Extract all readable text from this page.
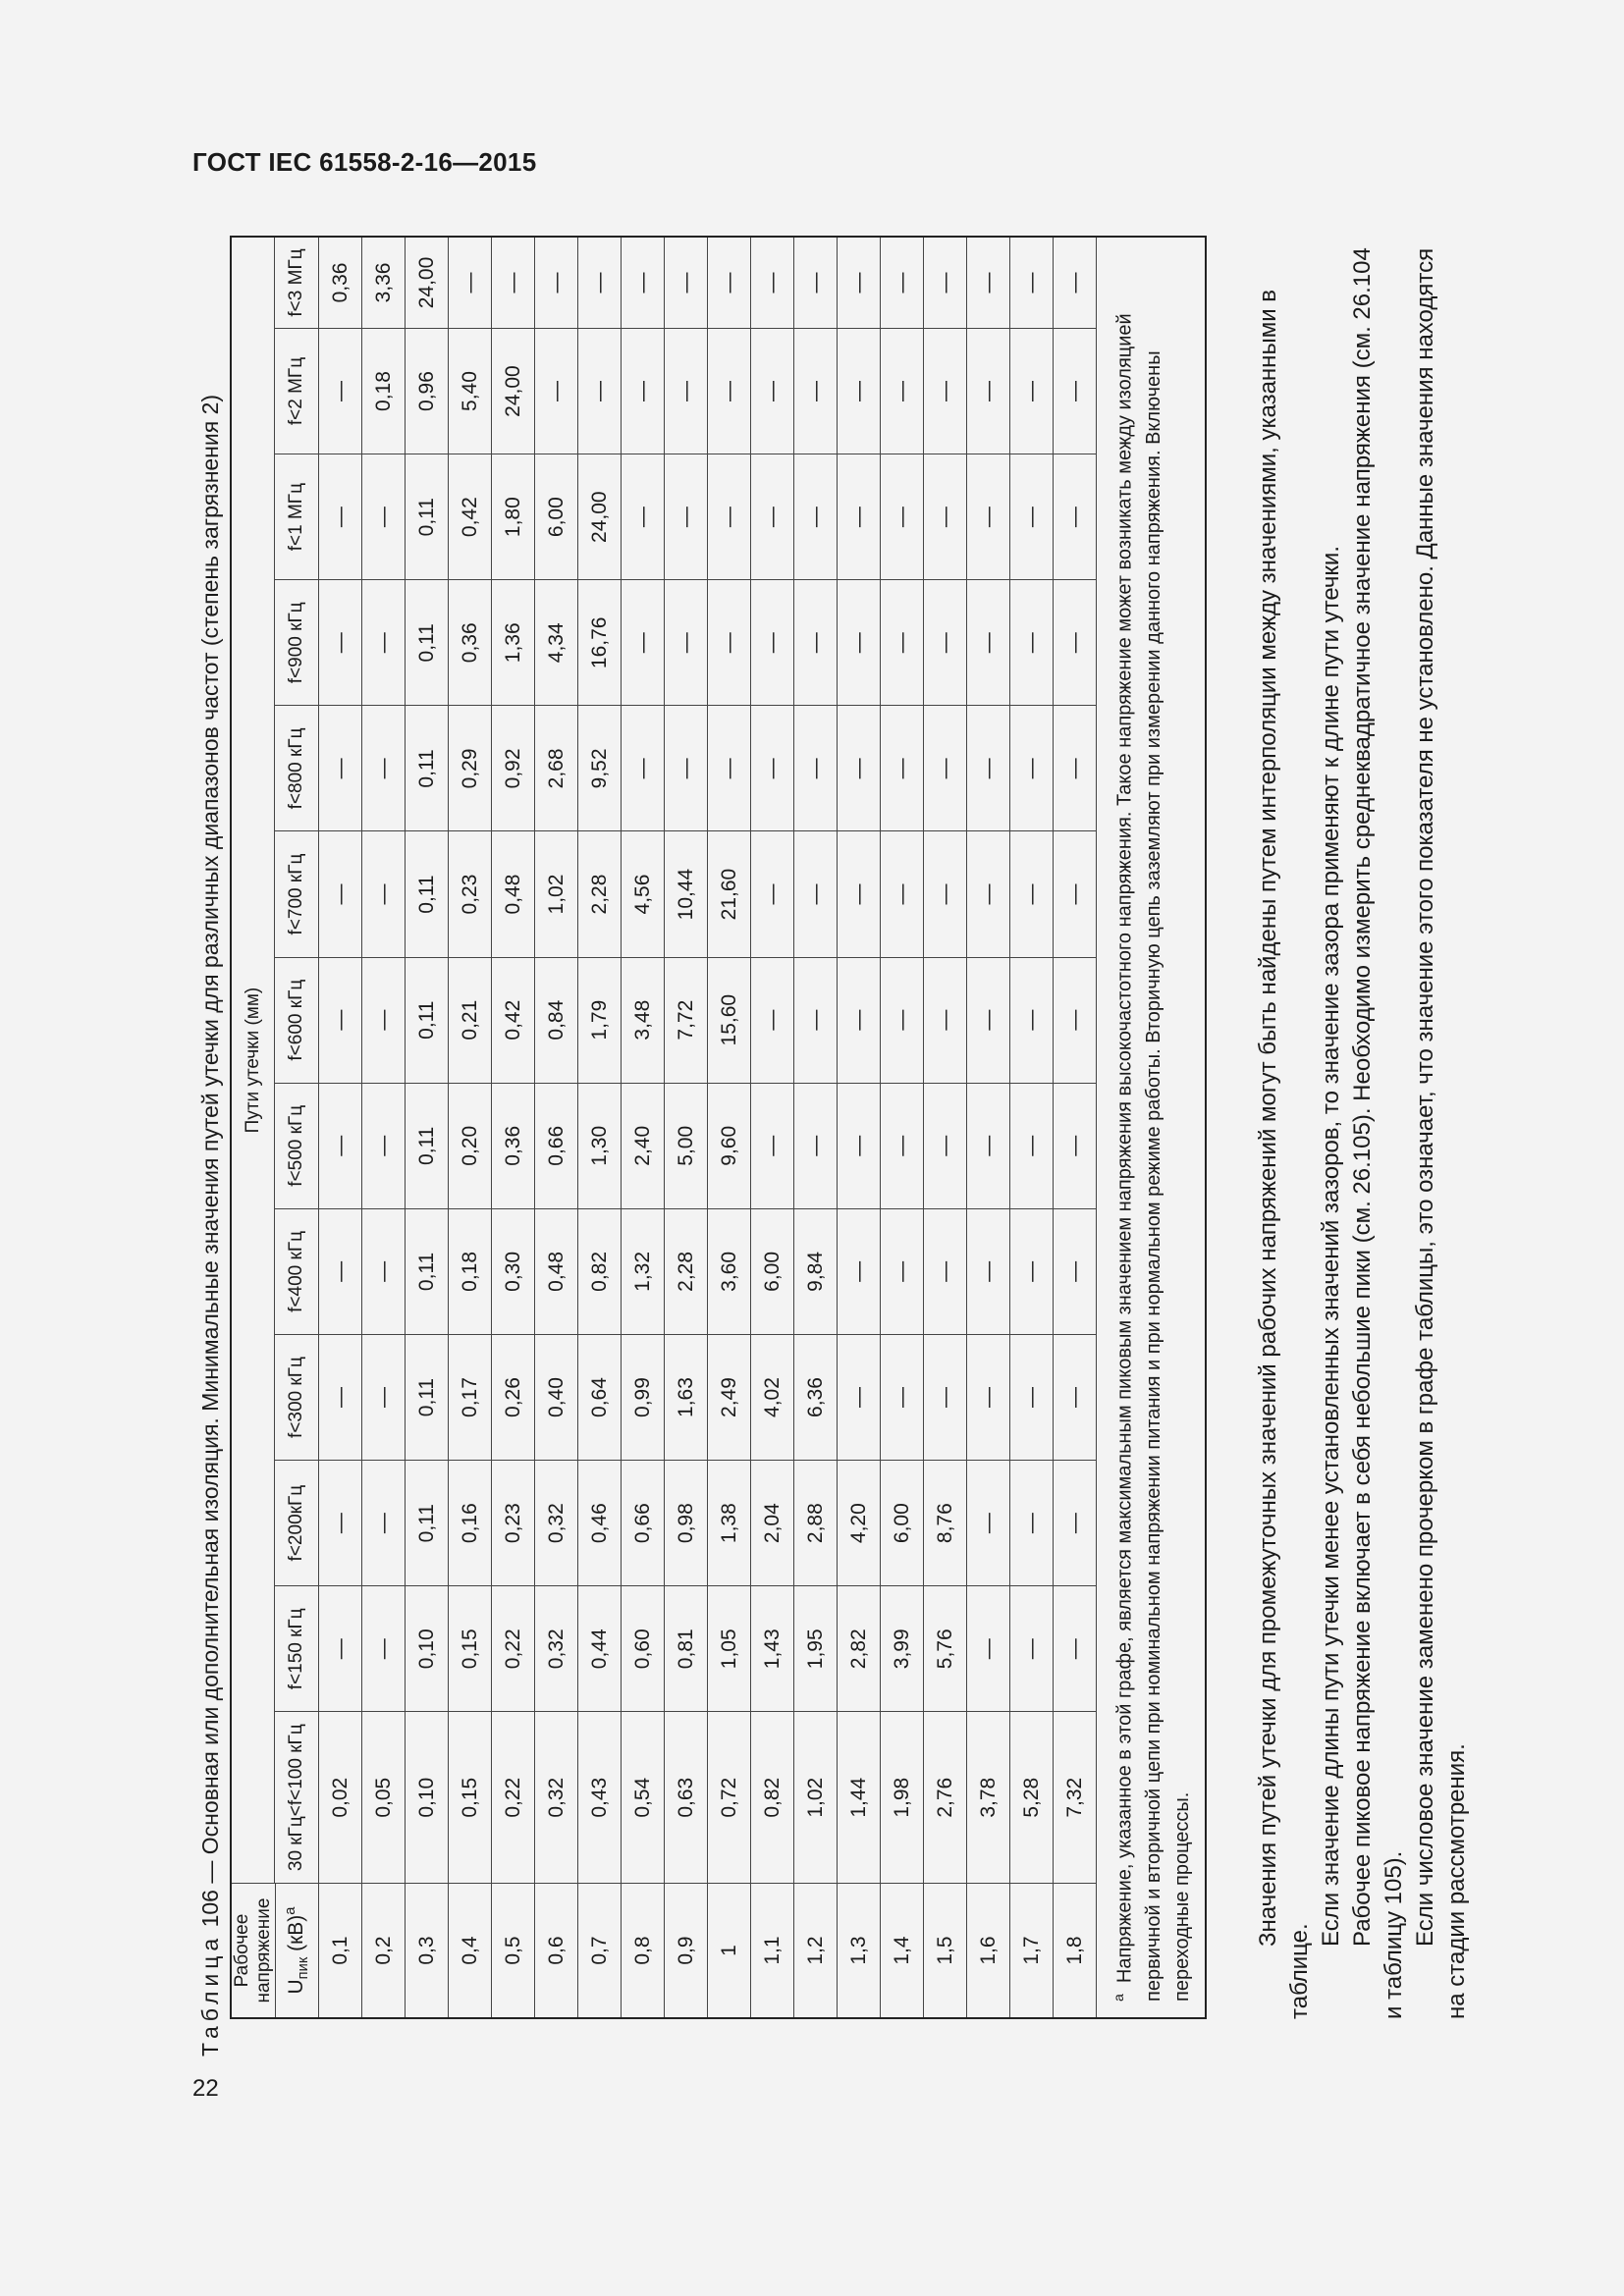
ГОСТ IEC 61558-2-16—2015
22
Таблица 106 — Основная или дополнительная изоляция. Минимальные значения путей утечки для различных диапазонов частот (степень загрязнения 2)
Рабочее напряжение	Пути утечки (мм)												
	30 кГц<f<100 кГц	f<150 кГц	f<200кГц	f<300 кГц	f<400 кГц	f<500 кГц	f<600 кГц	f<700 кГц	f<800 кГц	f<900 кГц	f<1 МГц	f<2 МГц	f<3 МГц
$U_{пик}$ (кВ)$^a$
0,1	0,02	—	—	—	—	—	—	—	—	—	—	—	0,36
0,2	0,05	—	—	—	—	—	—	—	—	—	—	0,18	3,36
0,3	0,10	0,10	0,11	0,11	0,11	0,11	0,11	0,11	0,11	0,11	0,11	0,96	24,00
0,4	0,15	0,15	0,16	0,17	0,18	0,20	0,21	0,23	0,29	0,36	0,42	5,40	—
0,5	0,22	0,22	0,23	0,26	0,30	0,36	0,42	0,48	0,92	1,36	1,80	24,00	—
0,6	0,32	0,32	0,32	0,40	0,48	0,66	0,84	1,02	2,68	4,34	6,00	—	—
0,7	0,43	0,44	0,46	0,64	0,82	1,30	1,79	2,28	9,52	16,76	24,00	—	—
0,8	0,54	0,60	0,66	0,99	1,32	2,40	3,48	4,56	—	—	—	—	—
0,9	0,63	0,81	0,98	1,63	2,28	5,00	7,72	10,44	—	—	—	—	—
1	0,72	1,05	1,38	2,49	3,60	9,60	15,60	21,60	—	—	—	—	—
1,1	0,82	1,43	2,04	4,02	6,00	—	—	—	—	—	—	—	—
1,2	1,02	1,95	2,88	6,36	9,84	—	—	—	—	—	—	—	—
1,3	1,44	2,82	4,20	—	—	—	—	—	—	—	—	—	—
1,4	1,98	3,99	6,00	—	—	—	—	—	—	—	—	—	—
1,5	2,76	5,76	8,76	—	—	—	—	—	—	—	—	—	—
1,6	3,78	—	—	—	—	—	—	—	—	—	—	—	—
1,7	5,28	—	—	—	—	—	—	—	—	—	—	—	—
1,8	7,32	—	—	—	—	—	—	—	—	—	—	—	—
$^a$  Напряжение, указанное в этой графе, является максимальным пиковым значением напряжения высокочастотного напряжения. Такое напряжение может возникать между изоляцией первичной и вторичной цепи при номинальном напряжении питания и при нормальном режиме работы. Вторичную цепь заземляют при измерении данного напряжения. Включены переходные процессы.														Значения путей утечки для промежуточных значений рабочих напряжений могут быть найдены путем интерполяции между значениями, указанными в таблице.

Если значение длины пути утечки менее установленных значений зазоров, то значение зазора применяют к длине пути утечки. Рабочее пиковое напряжение включает в себя небольшие пики (см. 26.105). Необходимо измерить среднеквадратичное значение напряжения (см. 26.104 и таблицу 105). Если числовое значение заменено прочерком в графе таблицы, это означает, что значение этого показателя не установлено. Данные значения находятся на стадии рассмотрения.
